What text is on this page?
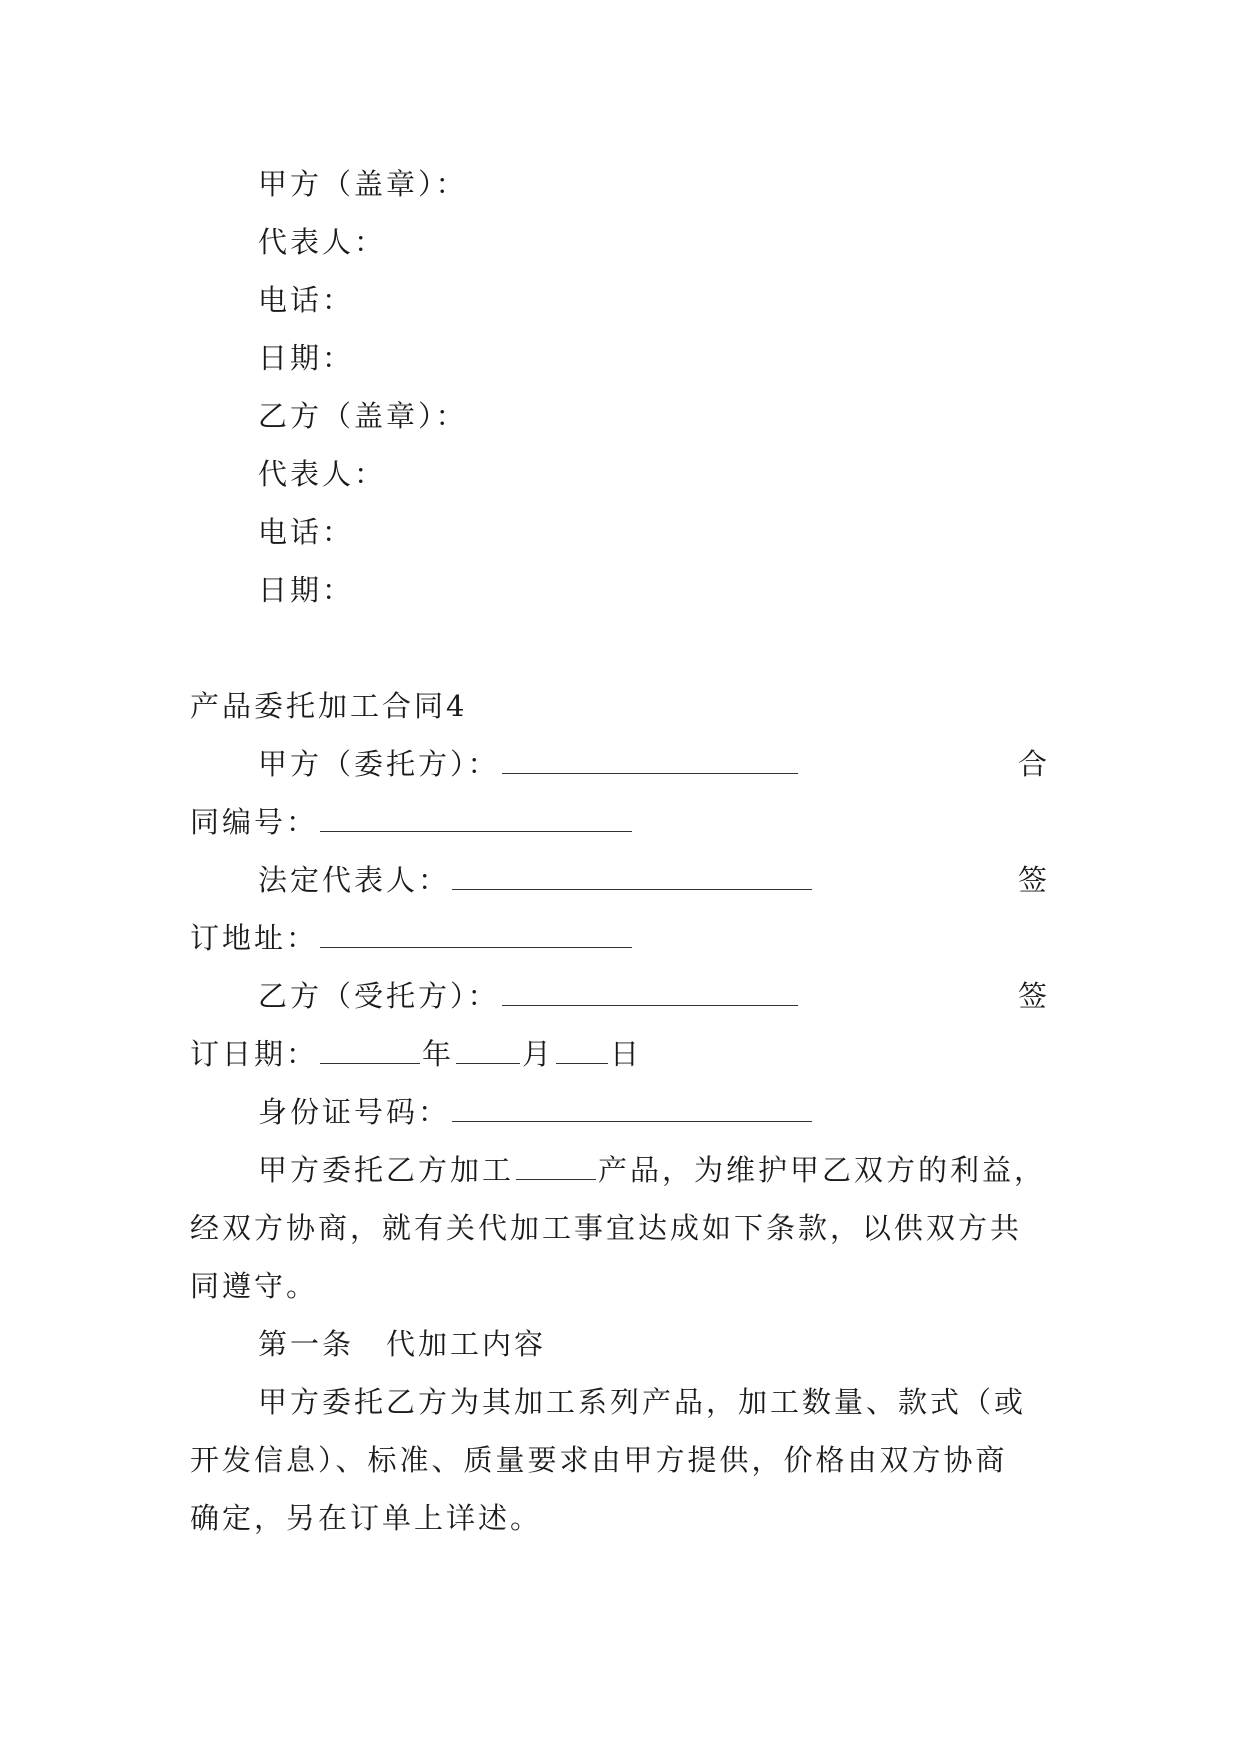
甲方（盖章）：
代表人：
电话：
日期：
乙方（盖章）：
代表人：
电话：
日期：
产品委托加工合同4
甲方（委托方）：	合
同编号：
法定代表人：	签
订地址：
乙方（受托方）：	签
订日期：	年 月 日
身份证号码：
甲方委托乙方加工	产品，为维护甲乙双方的利益，
经双方协商，就有关代加工事宜达成如下条款，以供双方共
同遵守。
第一条　代加工内容
甲方委托乙方为其加工系列产品，加工数量、款式（或
开发信息）、标准、质量要求由甲方提供，价格由双方协商
确定，另在订单上详述。
